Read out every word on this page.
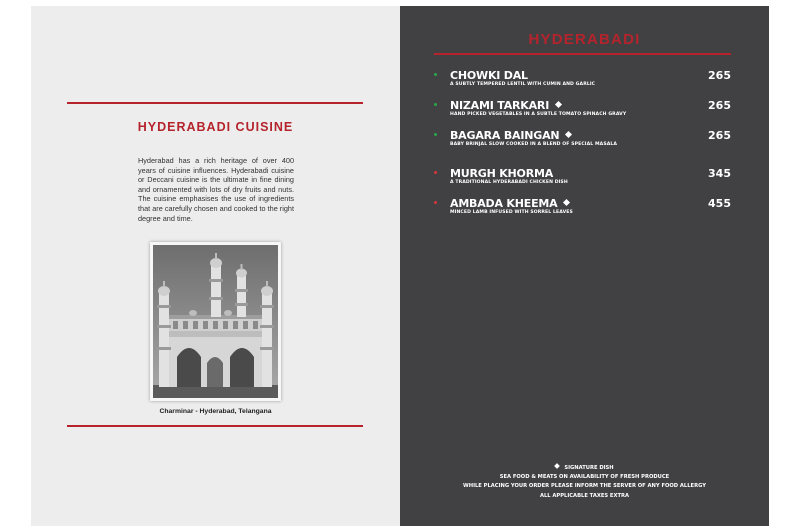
HYDERABADI CUISINE
Hyderabad has a rich heritage of over 400 years of cuisine influences. Hyderabadi cuisine or Deccani cuisine is the ultimate in fine dining and ornamented with lots of dry fruits and nuts. The cuisine emphasises the use of ingredients that are carefully chosen and cooked to the right degree and time.
Charminar - Hyderabad, Telangana
HYDERABADI
CHOWKI DAL
A SUBTLY TEMPERED LENTIL WITH CUMIN AND GARLIC
265
NIZAMI TARKARI
HAND PICKED VEGETABLES IN A SUBTLE TOMATO SPINACH GRAVY
265
BAGARA BAINGAN
BABY BRINJAL SLOW COOKED IN A BLEND OF SPECIAL MASALA
265
MURGH KHORMA
A TRADITIONAL HYDERABADI CHICKEN DISH
345
AMBADA KHEEMA
MINCED LAMB INFUSED WITH SORREL LEAVES
455
SIGNATURE DISH
SEA FOOD & MEATS ON AVAILABILITY OF FRESH PRODUCE
WHILE PLACING YOUR ORDER PLEASE INFORM THE SERVER OF ANY FOOD ALLERGY
ALL APPLICABLE TAXES EXTRA
